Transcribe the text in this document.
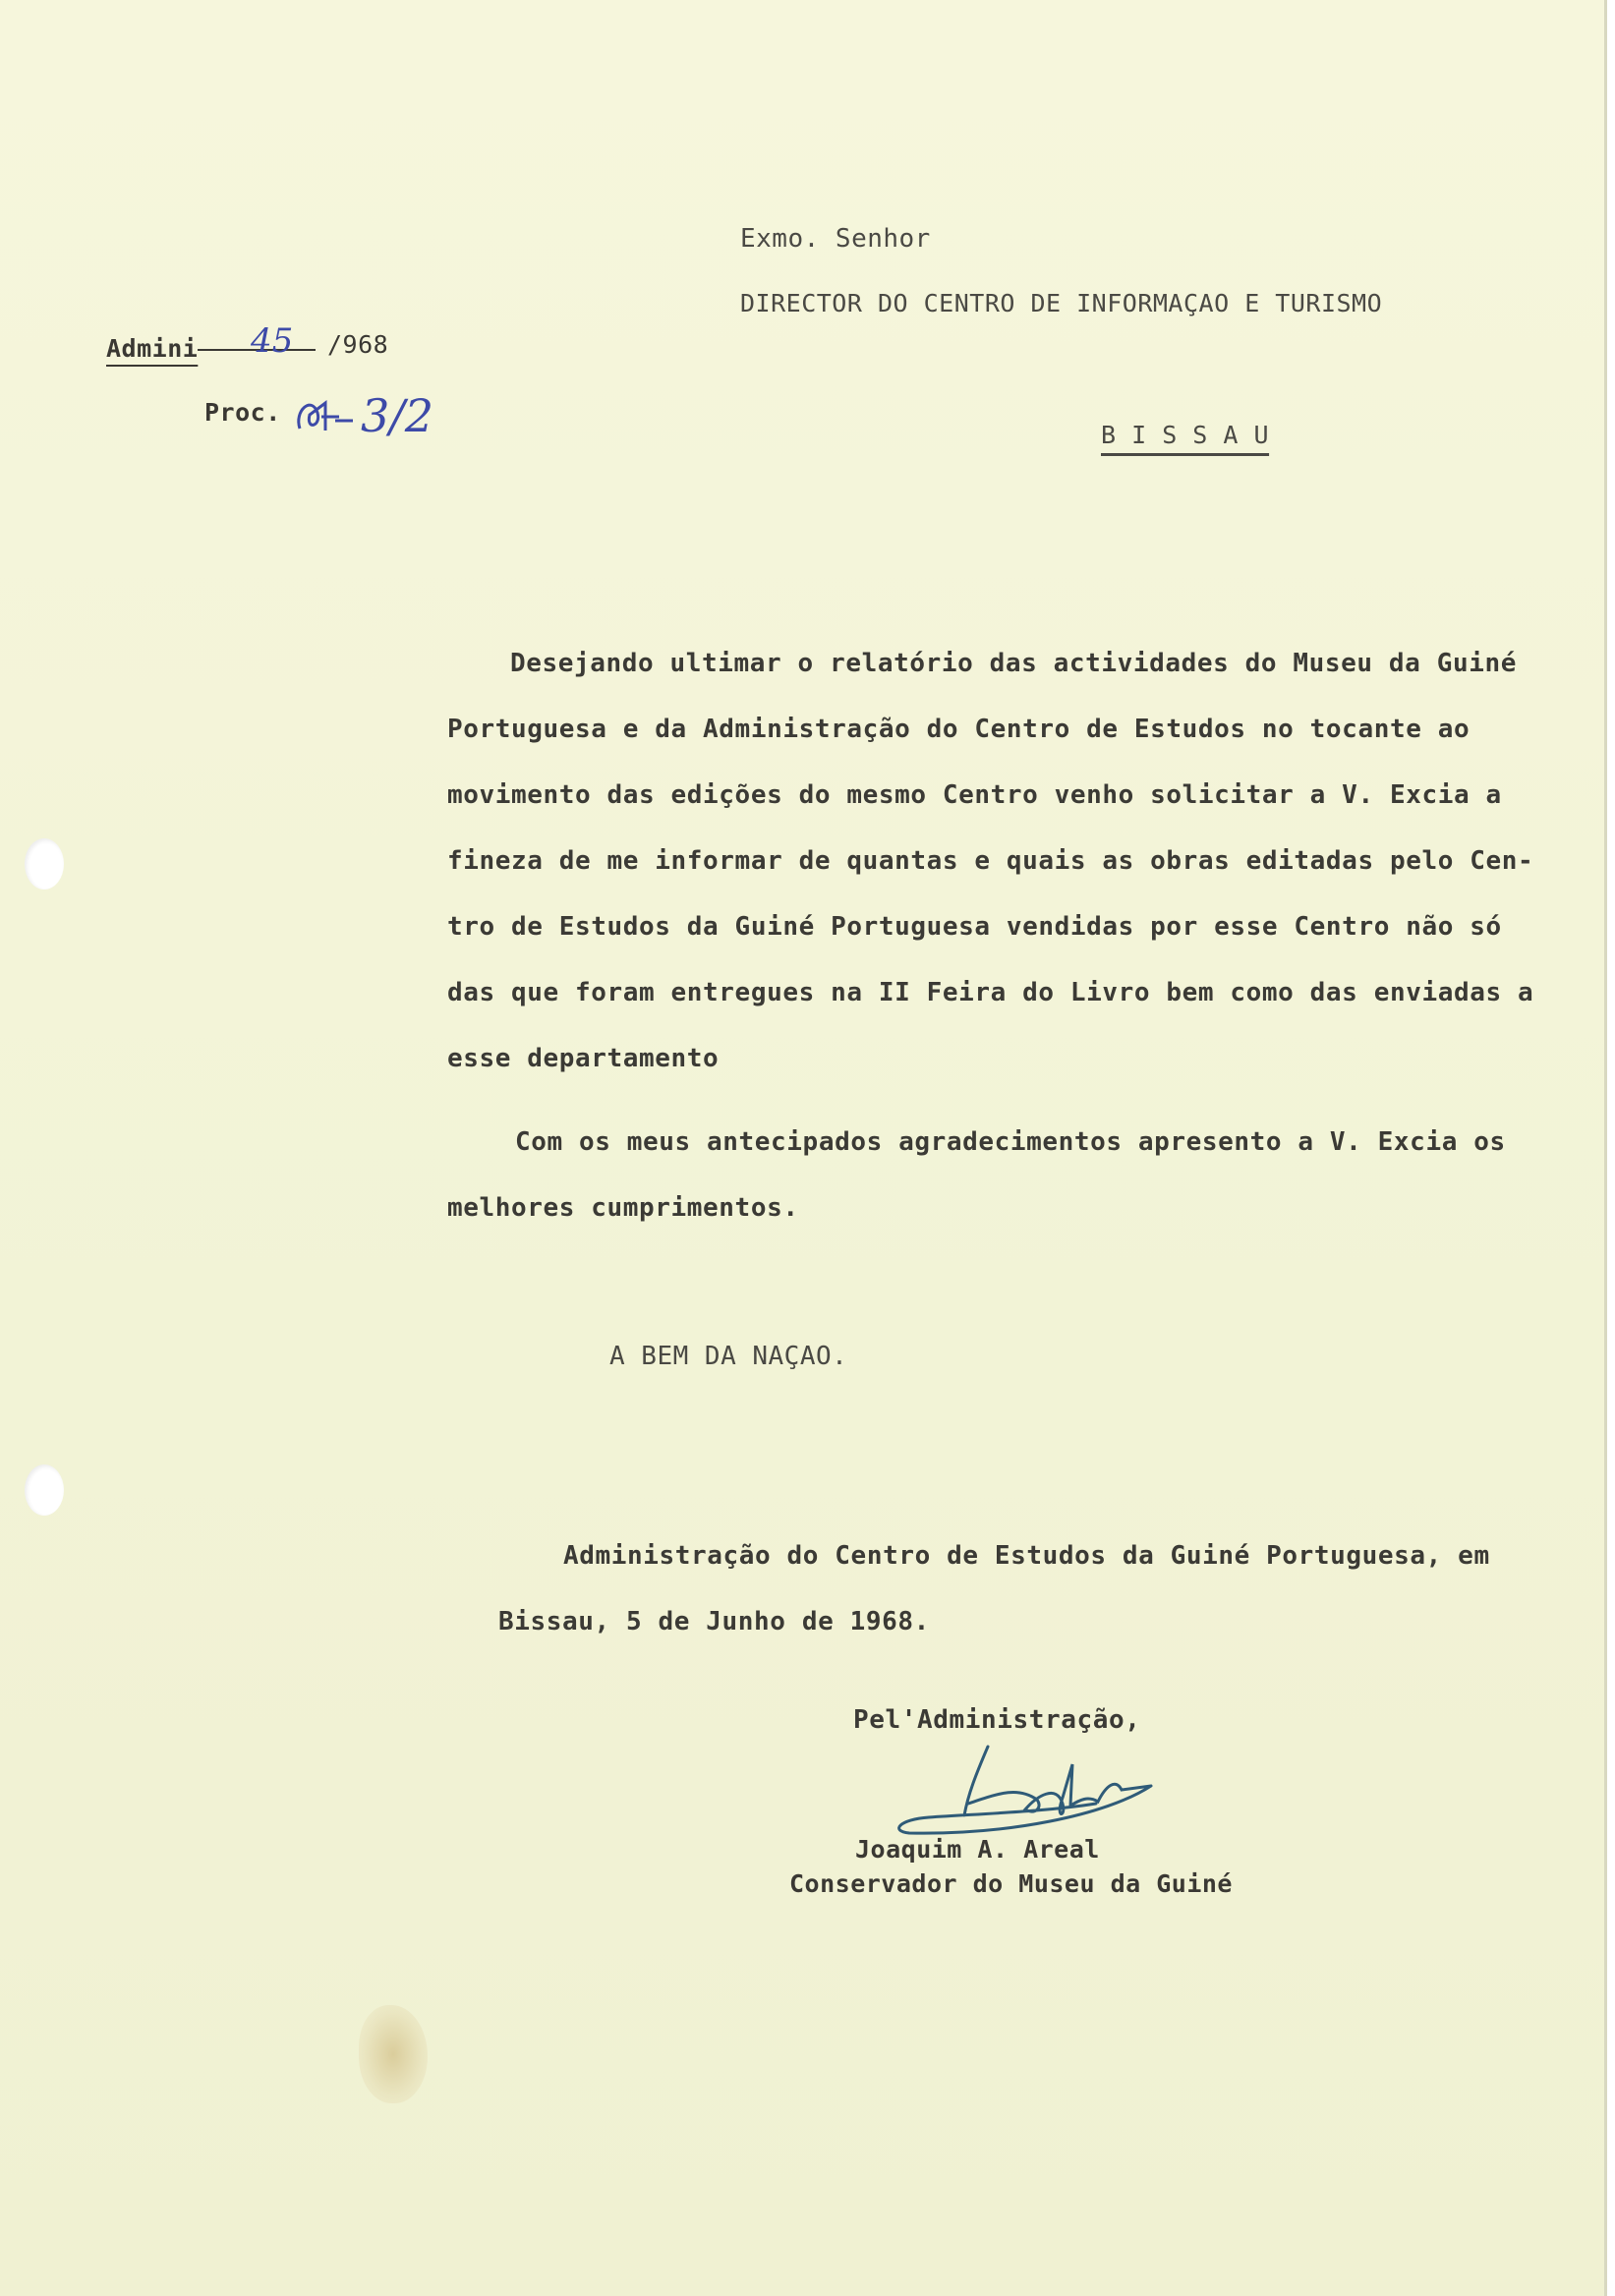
Exmo. Senhor
DIRECTOR DO CENTRO DE INFORMAÇAO E TURISMO
B I S S A U
Admini	45 /968
Proc. 3/2
Desejando ultimar o relatório das actividades do Museu da Guiné
Portuguesa e da Administração do Centro de Estudos no tocante ao
movimento das edições do mesmo Centro venho solicitar a V. Excia a
fineza de me informar de quantas e quais as obras editadas pelo Cen-
tro de Estudos da Guiné Portuguesa vendidas por esse Centro não só
das que foram entregues na II Feira do Livro bem como das enviadas a
esse departamento
Com os meus antecipados agradecimentos apresento a V. Excia os
melhores cumprimentos.
A BEM DA NAÇAO.
Administração do Centro de Estudos da Guiné Portuguesa, em
Bissau, 5 de Junho de 1968.
Pel'Administração,
Joaquim A. Areal
Conservador do Museu da Guiné
